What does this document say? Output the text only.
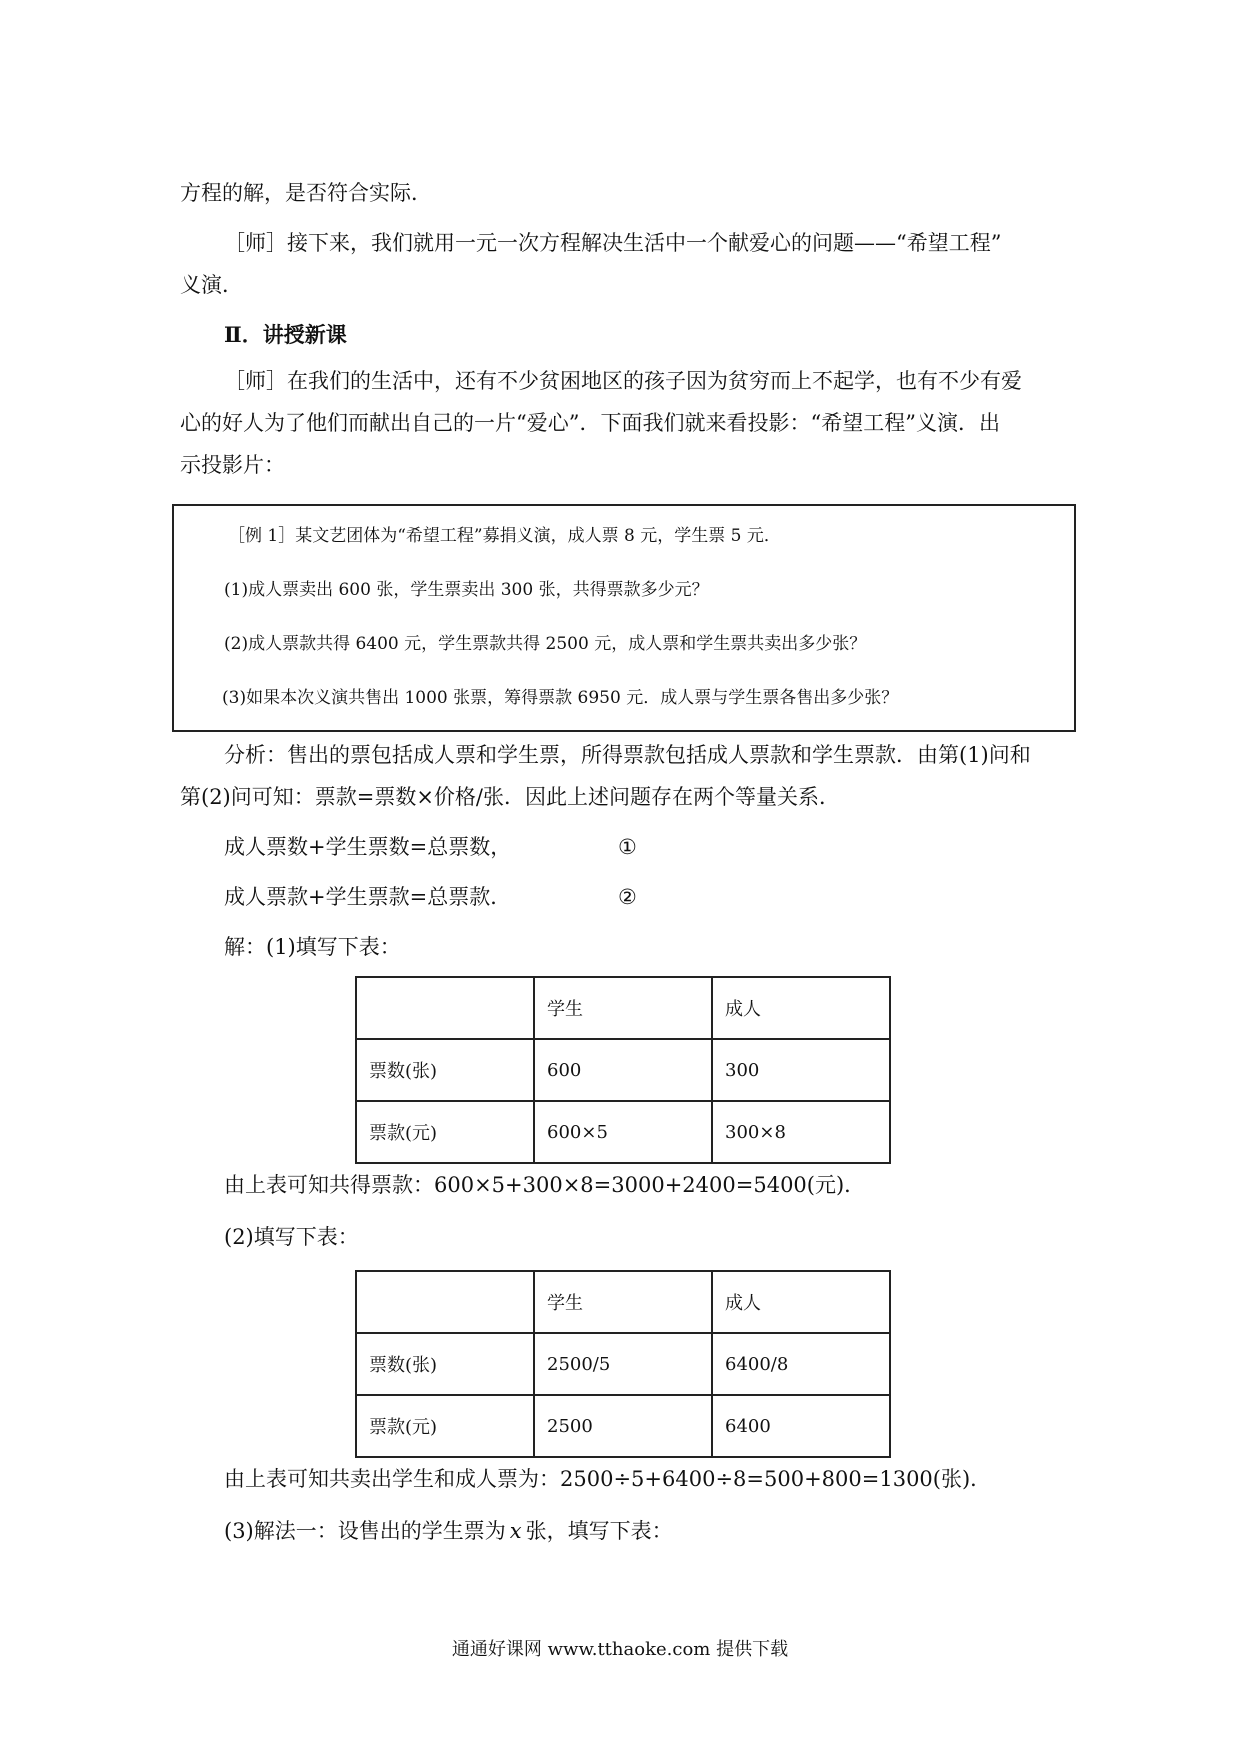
方程的解，是否符合实际．

［师］接下来，我们就用一元一次方程解决生活中一个献爱心的问题——“希望工程”

义演．

Ⅱ．讲授新课

［师］在我们的生活中，还有不少贫困地区的孩子因为贫穷而上不起学，也有不少有爱

心的好人为了他们而献出自己的一片“爱心”．下面我们就来看投影：“希望工程”义演．出

示投影片：

［例 1］某文艺团体为“希望工程”募捐义演，成人票 8 元，学生票 5 元．
(1)成人票卖出 600 张，学生票卖出 300 张，共得票款多少元？
(2)成人票款共得 6400 元，学生票款共得 2500 元，成人票和学生票共卖出多少张？
(3)如果本次义演共售出 1000 张票，筹得票款 6950 元．成人票与学生票各售出多少张？

分析：售出的票包括成人票和学生票，所得票款包括成人票款和学生票款．由第(1)问和

第(2)问可知：票款=票数×价格/张．因此上述问题存在两个等量关系．

成人票数+学生票数=总票数，	①

成人票款+学生票款=总票款．	②

解：(1)填写下表：

	学生	成人
票数(张)	600	300
票款(元)	600×5	300×8

由上表可知共得票款：600×5+300×8=3000+2400=5400(元)．

(2)填写下表：

	学生	成人
票数(张)	2500/5	6400/8
票款(元)	2500	6400

由上表可知共卖出学生和成人票为：2500÷5+6400÷8=500+800=1300(张)．

(3)解法一：设售出的学生票为 x 张，填写下表：

通通好课网 www.tthaoke.com 提供下载
